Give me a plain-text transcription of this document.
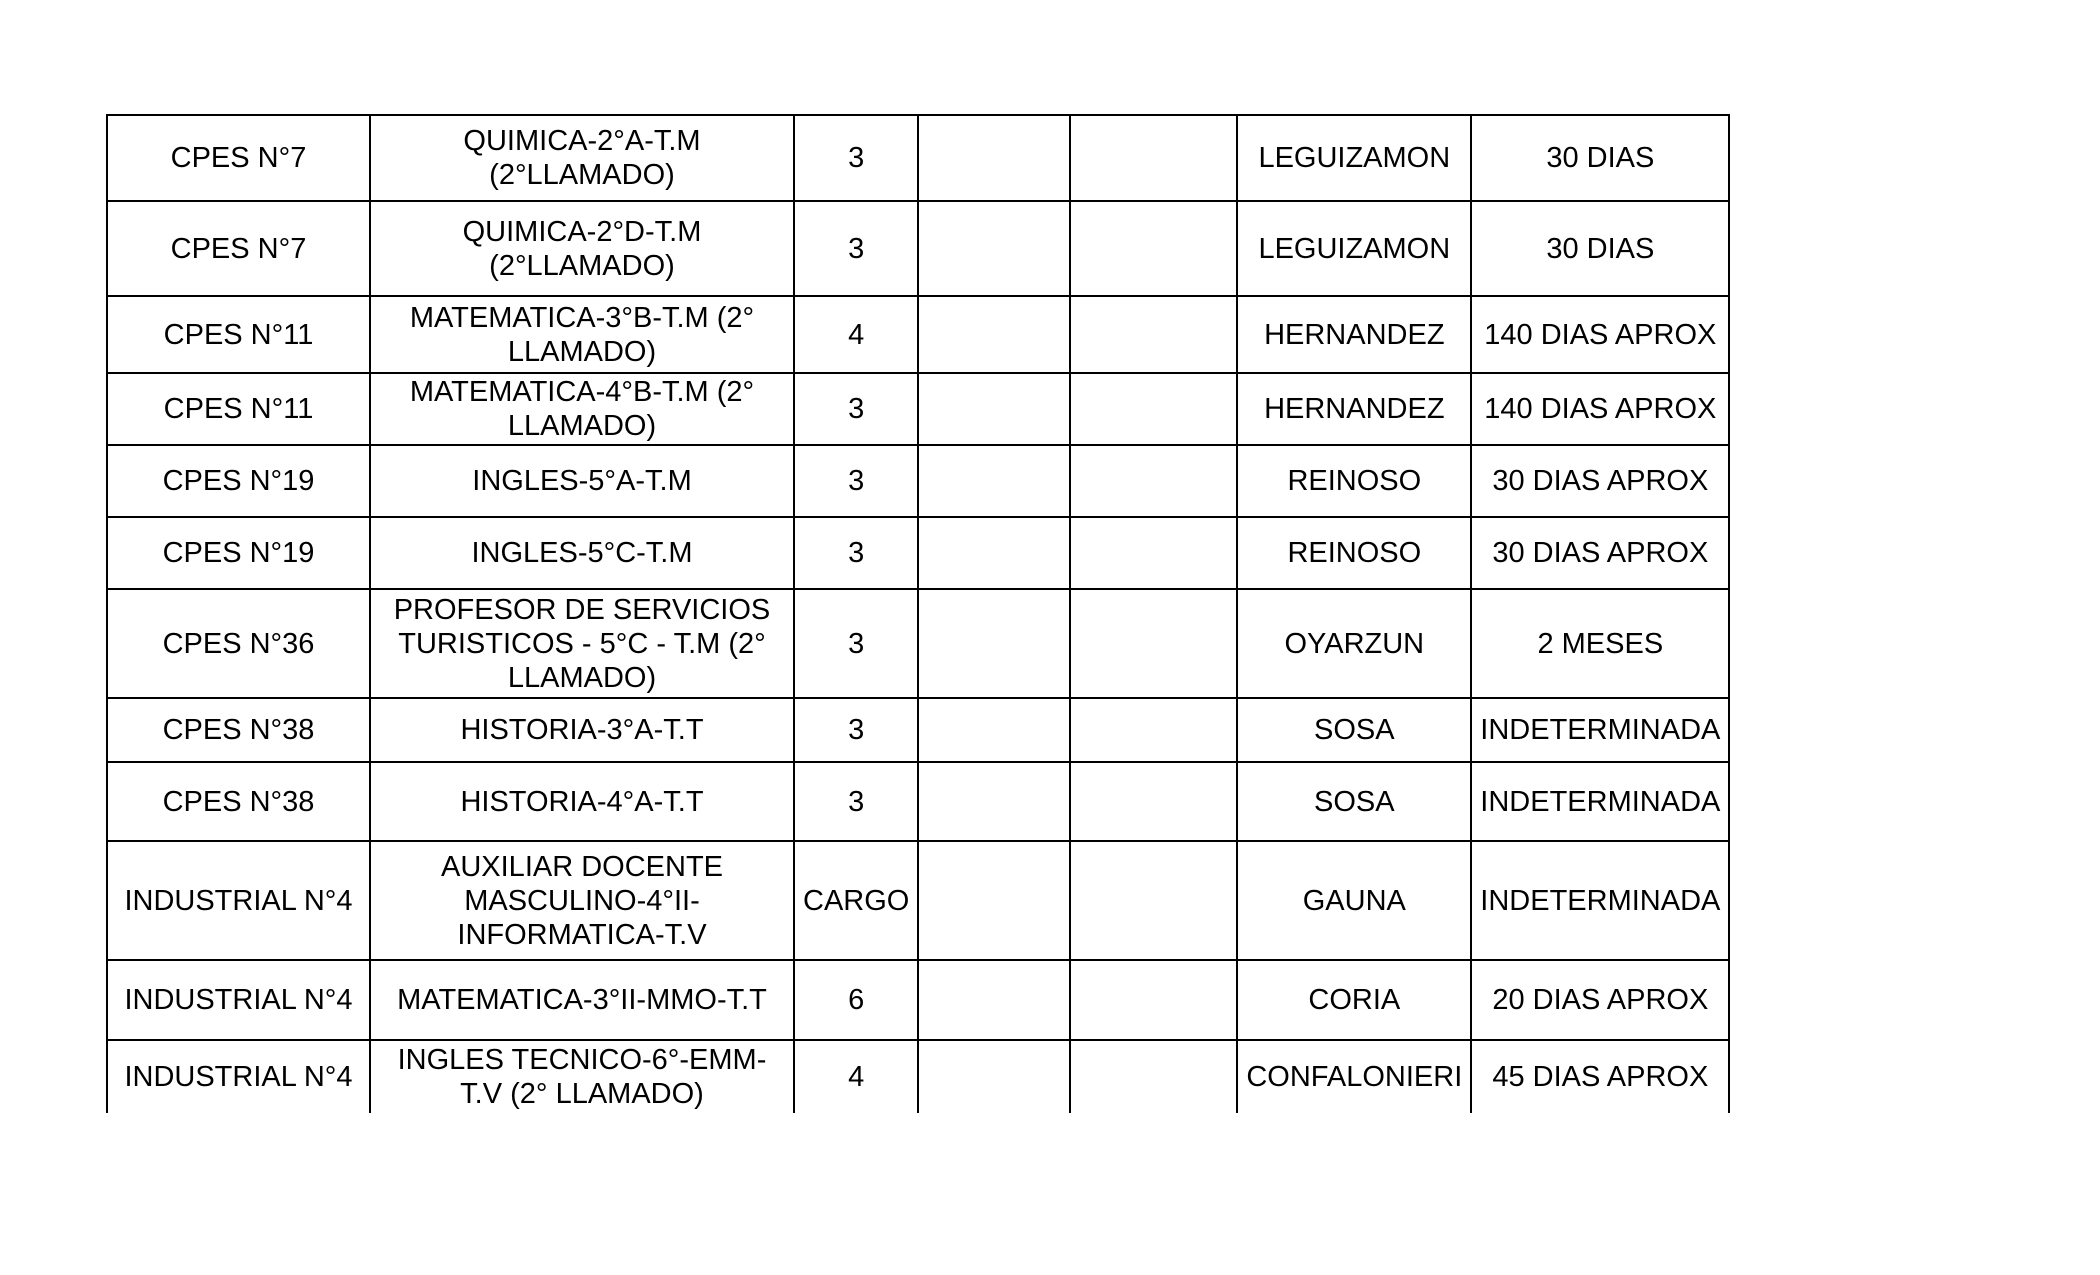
CPES N°7	QUIMICA-2°A-T.M (2°LLAMADO)	3			LEGUIZAMON	30 DIAS
CPES N°7	QUIMICA-2°D-T.M (2°LLAMADO)	3			LEGUIZAMON	30 DIAS
CPES N°11	MATEMATICA-3°B-T.M (2° LLAMADO)	4			HERNANDEZ	140 DIAS APROX
CPES N°11	MATEMATICA-4°B-T.M (2° LLAMADO)	3			HERNANDEZ	140 DIAS APROX
CPES N°19	INGLES-5°A-T.M	3			REINOSO	30 DIAS APROX
CPES N°19	INGLES-5°C-T.M	3			REINOSO	30 DIAS APROX
CPES N°36	PROFESOR DE SERVICIOS TURISTICOS - 5°C - T.M (2° LLAMADO)	3			OYARZUN	2 MESES
CPES N°38	HISTORIA-3°A-T.T	3			SOSA	INDETERMINADA
CPES N°38	HISTORIA-4°A-T.T	3			SOSA	INDETERMINADA
INDUSTRIAL N°4	AUXILIAR DOCENTE MASCULINO-4°II-INFORMATICA-T.V	CARGO			GAUNA	INDETERMINADA
INDUSTRIAL N°4	MATEMATICA-3°II-MMO-T.T	6			CORIA	20 DIAS APROX
INDUSTRIAL N°4	INGLES TECNICO-6°-EMM-T.V (2° LLAMADO)	4			CONFALONIERI	45 DIAS APROX
